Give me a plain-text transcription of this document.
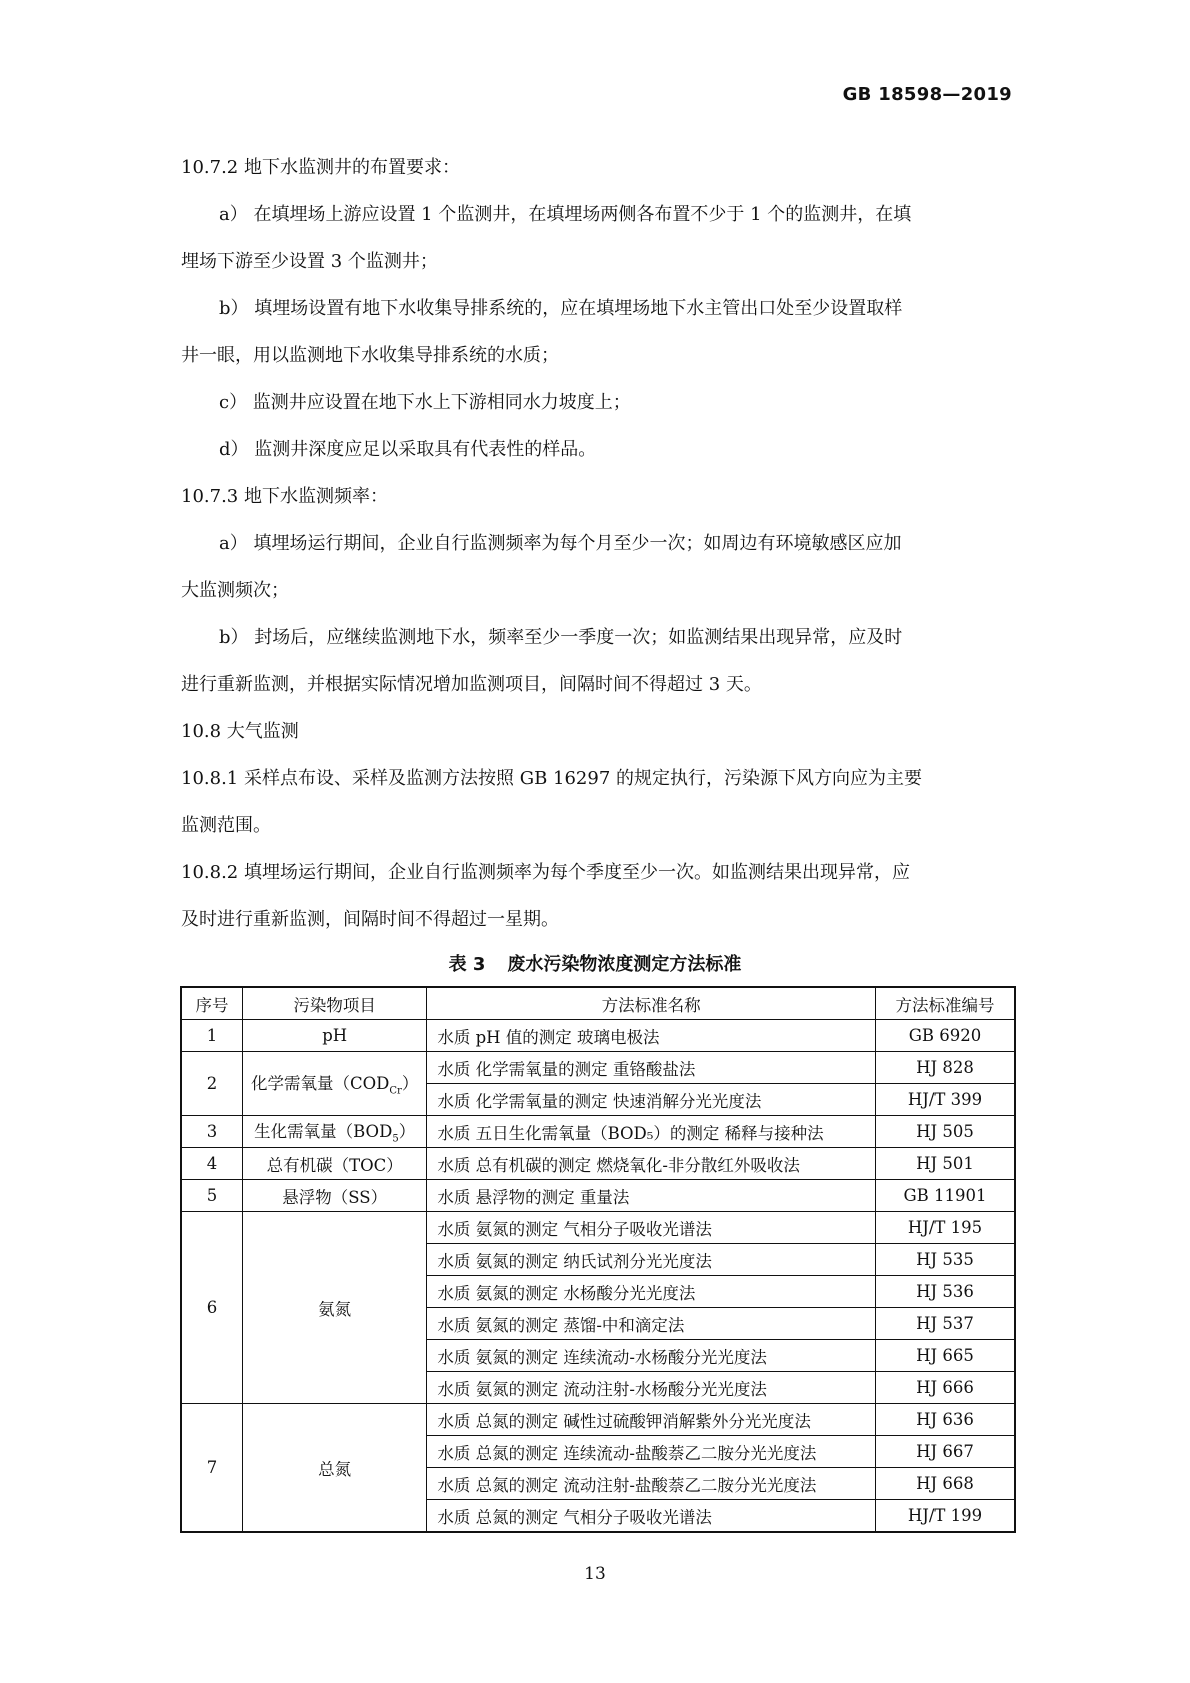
GB 18598—2019
10.7.2 地下水监测井的布置要求：
a） 在填埋场上游应设置 1 个监测井，在填埋场两侧各布置不少于 1 个的监测井，在填
埋场下游至少设置 3 个监测井；
b） 填埋场设置有地下水收集导排系统的，应在填埋场地下水主管出口处至少设置取样
井一眼，用以监测地下水收集导排系统的水质；
c） 监测井应设置在地下水上下游相同水力坡度上；
d） 监测井深度应足以采取具有代表性的样品。
10.7.3 地下水监测频率：
a） 填埋场运行期间，企业自行监测频率为每个月至少一次；如周边有环境敏感区应加
大监测频次；
b） 封场后，应继续监测地下水，频率至少一季度一次；如监测结果出现异常，应及时
进行重新监测，并根据实际情况增加监测项目，间隔时间不得超过 3 天。
10.8 大气监测
10.8.1 采样点布设、采样及监测方法按照 GB 16297 的规定执行，污染源下风方向应为主要
监测范围。
10.8.2 填埋场运行期间，企业自行监测频率为每个季度至少一次。如监测结果出现异常，应
及时进行重新监测，间隔时间不得超过一星期。
表 3 废水污染物浓度测定方法标准
序号	污染物项目	方法标准名称	方法标准编号
1	pH	水质 pH 值的测定 玻璃电极法	GB 6920
2	化学需氧量$(COD_{Cr})$	水质 化学需氧量的测定 重铬酸盐法	HJ 828
		水质 化学需氧量的测定 快速消解分光光度法	HJ/T 399
3	生化需氧量$(BOD_5)$	水质 五日生化需氧量（BOD₅）的测定 稀释与接种法	HJ 505
4	总有机碳（TOC）	水质 总有机碳的测定 燃烧氧化-非分散红外吸收法	HJ 501
5	悬浮物（SS）	水质 悬浮物的测定 重量法	GB 11901
6	氨氮	水质 氨氮的测定 气相分子吸收光谱法	HJ/T 195
		水质 氨氮的测定 纳氏试剂分光光度法	HJ 535
		水质 氨氮的测定 水杨酸分光光度法	HJ 536
		水质 氨氮的测定 蒸馏-中和滴定法	HJ 537
		水质 氨氮的测定 连续流动-水杨酸分光光度法	HJ 665
		水质 氨氮的测定 流动注射-水杨酸分光光度法	HJ 666
7	总氮	水质 总氮的测定 碱性过硫酸钾消解紫外分光光度法	HJ 636
		水质 总氮的测定 连续流动-盐酸萘乙二胺分光光度法	HJ 667
		水质 总氮的测定 流动注射-盐酸萘乙二胺分光光度法	HJ 668
		水质 总氮的测定 气相分子吸收光谱法	HJ/T 199
13
